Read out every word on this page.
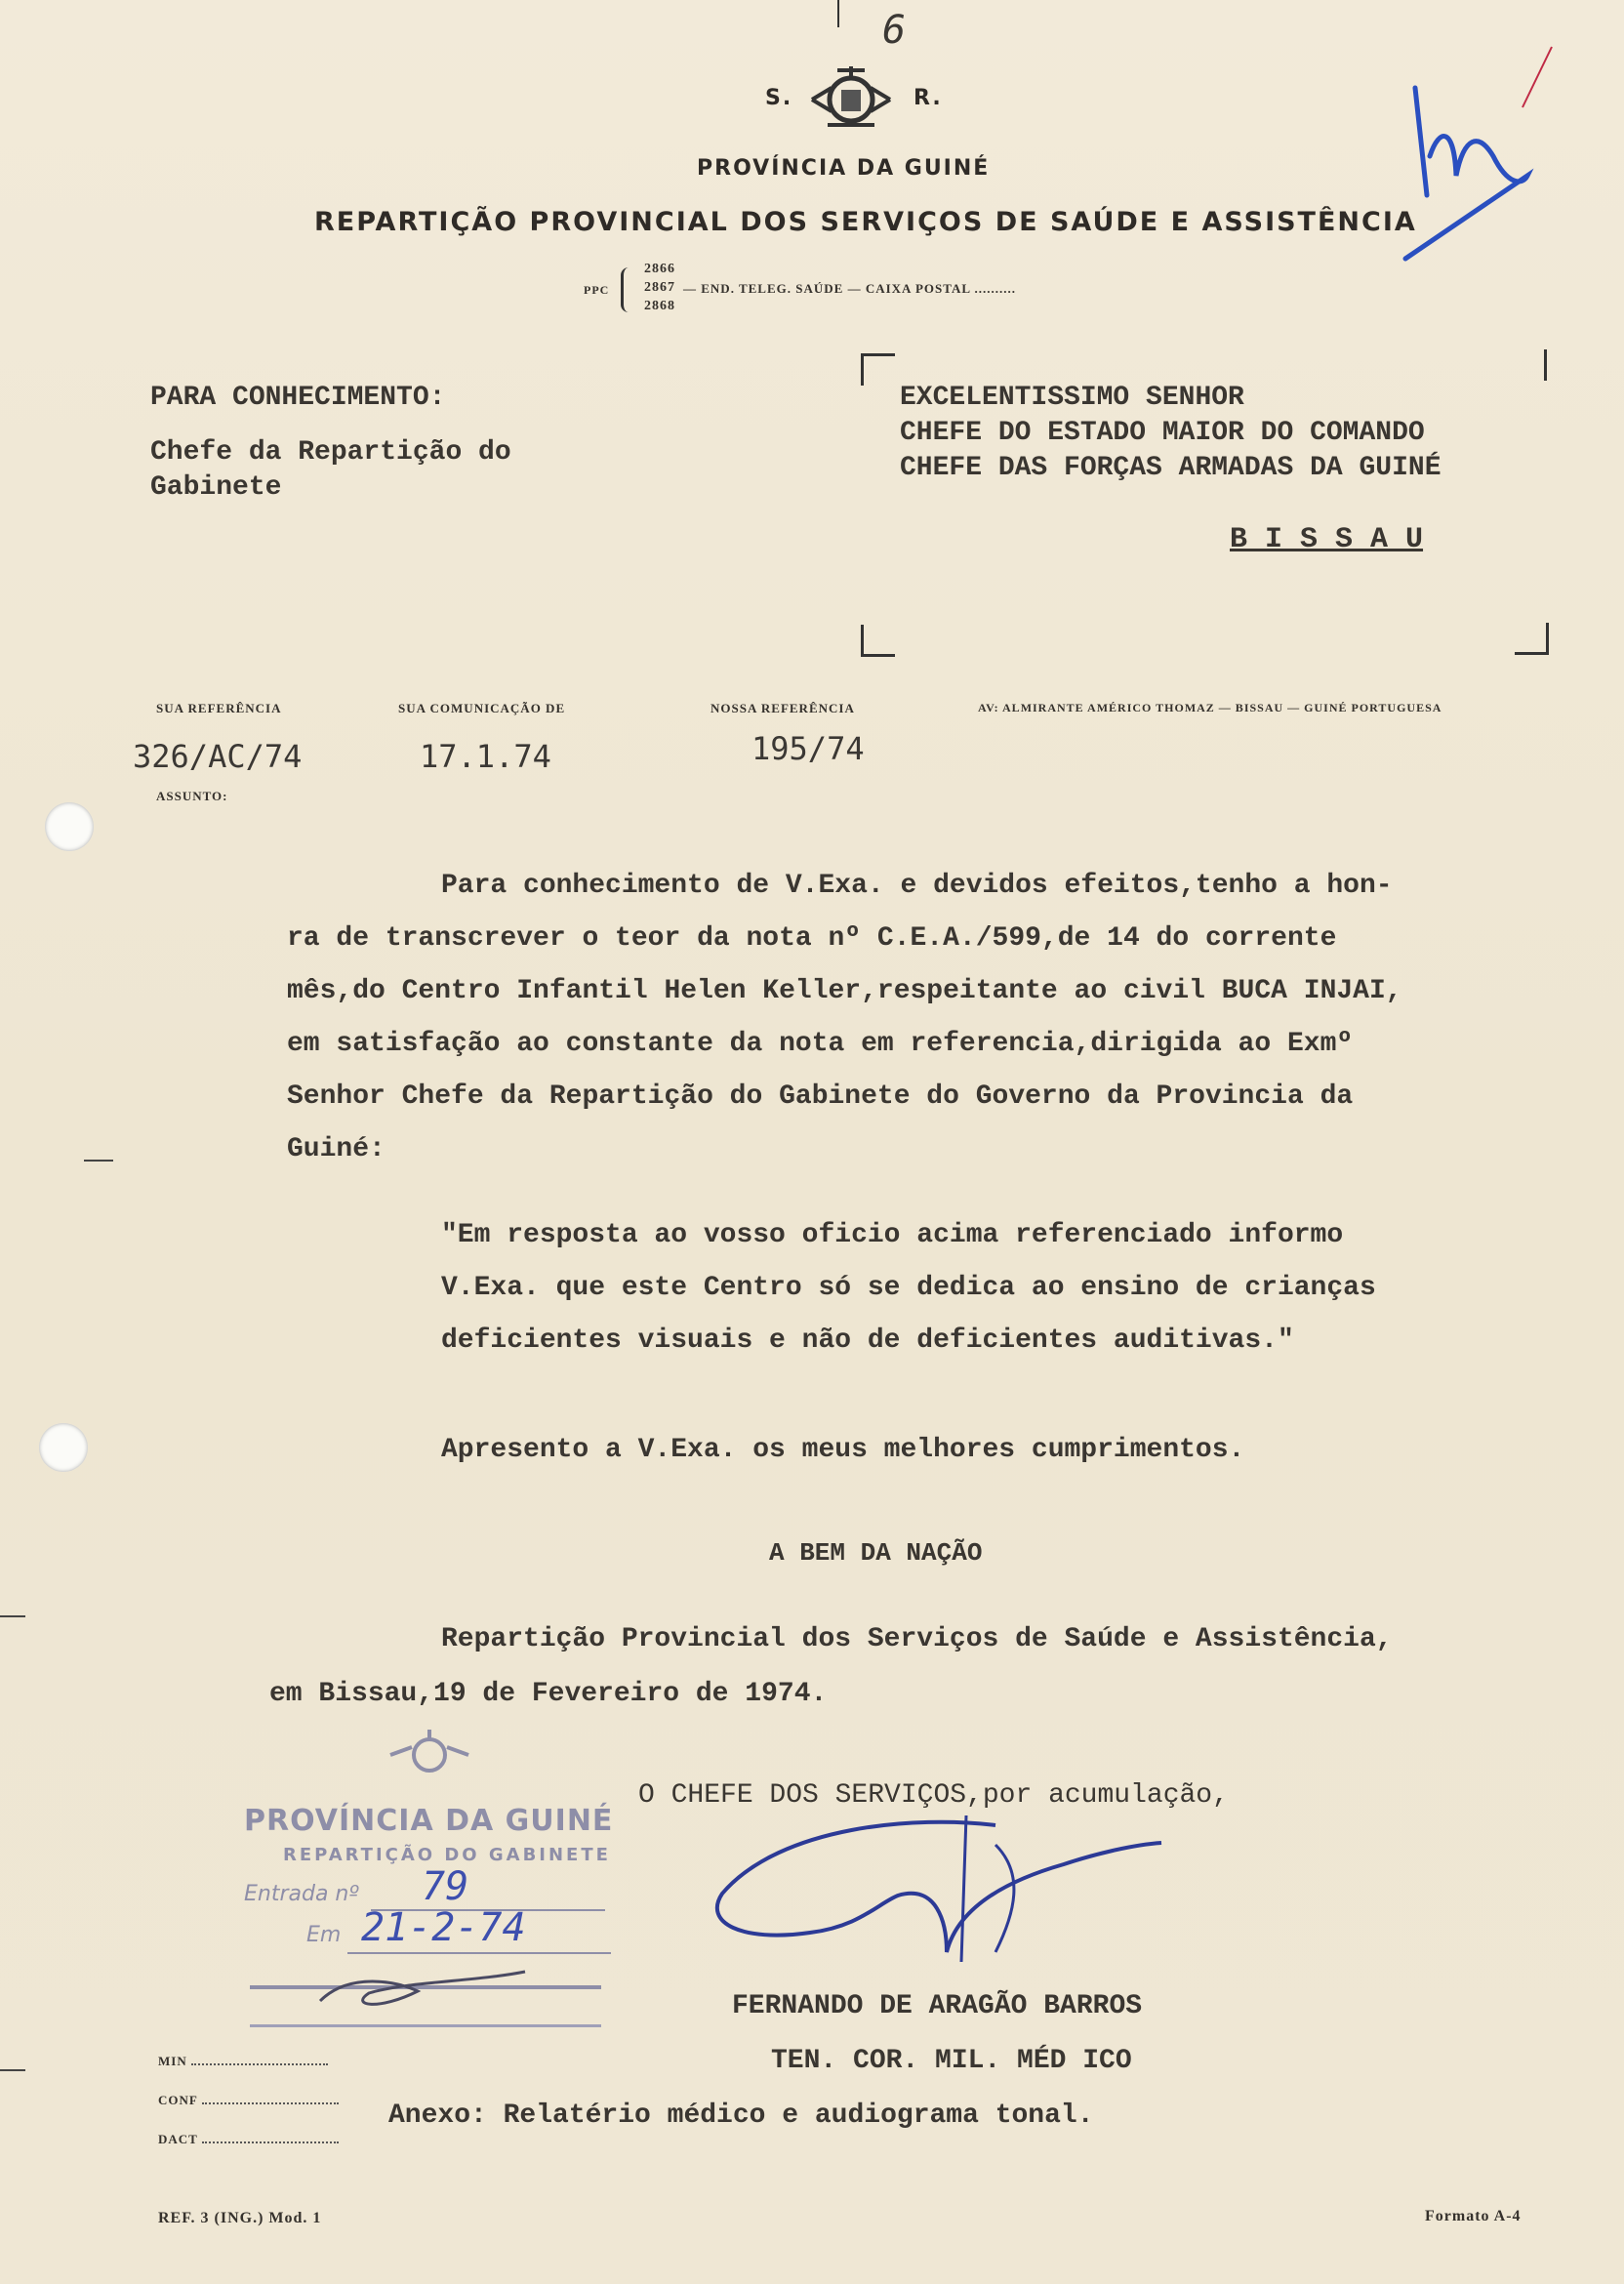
6
S.	R.
PROVÍNCIA DA GUINÉ
REPARTIÇÃO PROVINCIAL DOS SERVIÇOS DE SAÚDE E ASSISTÊNCIA
PPC
2866
2867
2868
— END. TELEG. SAÚDE — CAIXA POSTAL ..........
PARA CONHECIMENTO:
Chefe da Repartição do
Gabinete
EXCELENTISSIMO SENHOR
CHEFE DO ESTADO MAIOR DO COMANDO
CHEFE DAS FORÇAS ARMADAS DA GUINÉ
B I S S A U
SUA REFERÊNCIA	SUA COMUNICAÇÃO DE	NOSSA REFERÊNCIA	AV: ALMIRANTE AMÉRICO THOMAZ — BISSAU — GUINÉ PORTUGUESA
326/AC/74	17.1.74	195/74
ASSUNTO:
Para conhecimento de V.Exa. e devidos efeitos,tenho a hon-
ra de transcrever o teor da nota nº C.E.A./599,de 14 do corrente
mês,do Centro Infantil Helen Keller,respeitante ao civil BUCA INJAI,
em satisfação ao constante da nota em referencia,dirigida ao Exmº
Senhor Chefe da Repartição do Gabinete do Governo da Provincia da
Guiné:
"Em resposta ao vosso oficio acima referenciado informo
V.Exa. que este Centro só se dedica ao ensino de crianças
deficientes visuais e não de deficientes auditivas."
Apresento a V.Exa. os meus melhores cumprimentos.
A BEM DA NAÇÃO
Repartição Provincial dos Serviços de Saúde e Assistência,
em Bissau,19 de Fevereiro de 1974.
PROVÍNCIA DA GUINÉ
REPARTIÇÃO DO GABINETE
Entrada nº 79
Em 21-2-74
O CHEFE DOS SERVIÇOS,por acumulação,
FERNANDO DE ARAGÃO BARROS
TEN. COR. MIL. MÉD ICO
MIN
CONF
DACT
Anexo: Relatério médico e audiograma tonal.
REF. 3 (ING.) Mod. 1	Formato A-4
